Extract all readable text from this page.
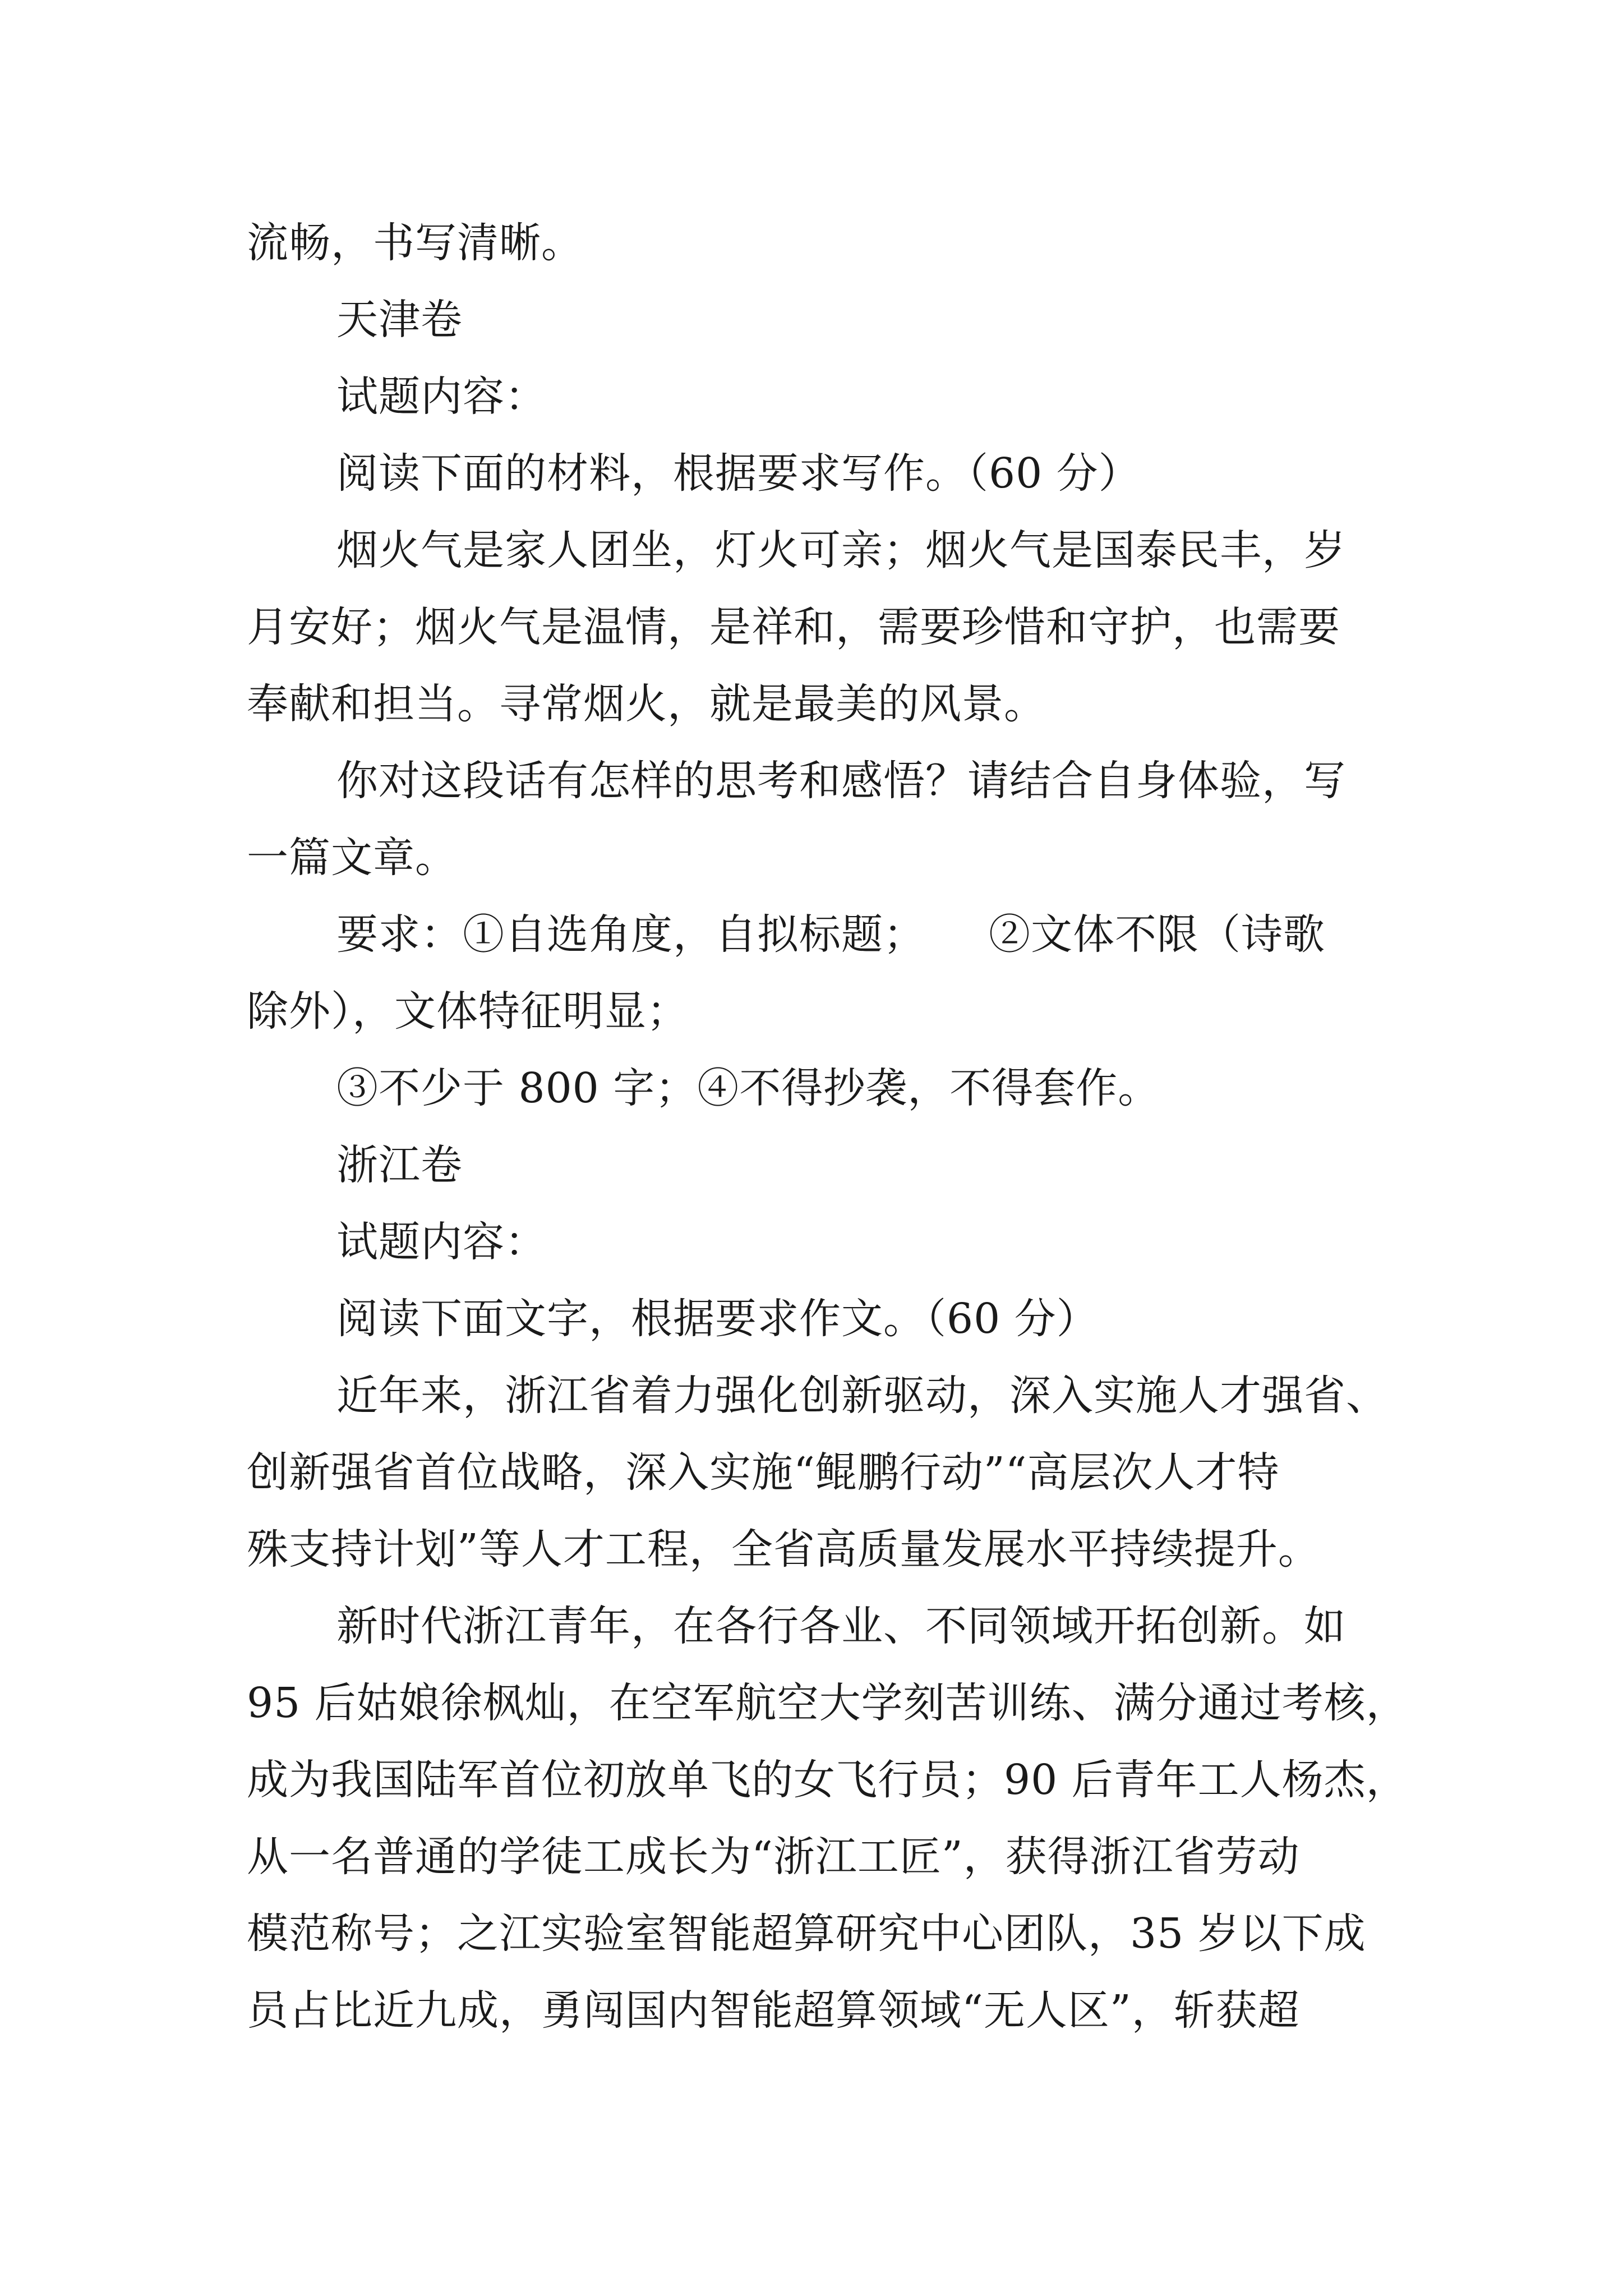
流畅，书写清晰。
天津卷
试题内容：
阅读下面的材料，根据要求写作。（60 分）
烟火气是家人团坐，灯火可亲；烟火气是国泰民丰，岁
月安好；烟火气是温情，是祥和，需要珍惜和守护，也需要
奉献和担当。寻常烟火，就是最美的风景。
你对这段话有怎样的思考和感悟？请结合自身体验，写
一篇文章。
要求：①自选角度，自拟标题；　　②文体不限（诗歌
除外），文体特征明显；
③不少于 800 字；④不得抄袭，不得套作。
浙江卷
试题内容：
阅读下面文字，根据要求作文。（60 分）
近年来，浙江省着力强化创新驱动，深入实施人才强省、
创新强省首位战略，深入实施“鲲鹏行动”“高层次人才特
殊支持计划”等人才工程，全省高质量发展水平持续提升。
新时代浙江青年，在各行各业、不同领域开拓创新。如
95 后姑娘徐枫灿，在空军航空大学刻苦训练、满分通过考核，
成为我国陆军首位初放单飞的女飞行员；90 后青年工人杨杰，
从一名普通的学徒工成长为“浙江工匠”，获得浙江省劳动
模范称号；之江实验室智能超算研究中心团队，35 岁以下成
员占比近九成，勇闯国内智能超算领域“无人区”，斩获超
